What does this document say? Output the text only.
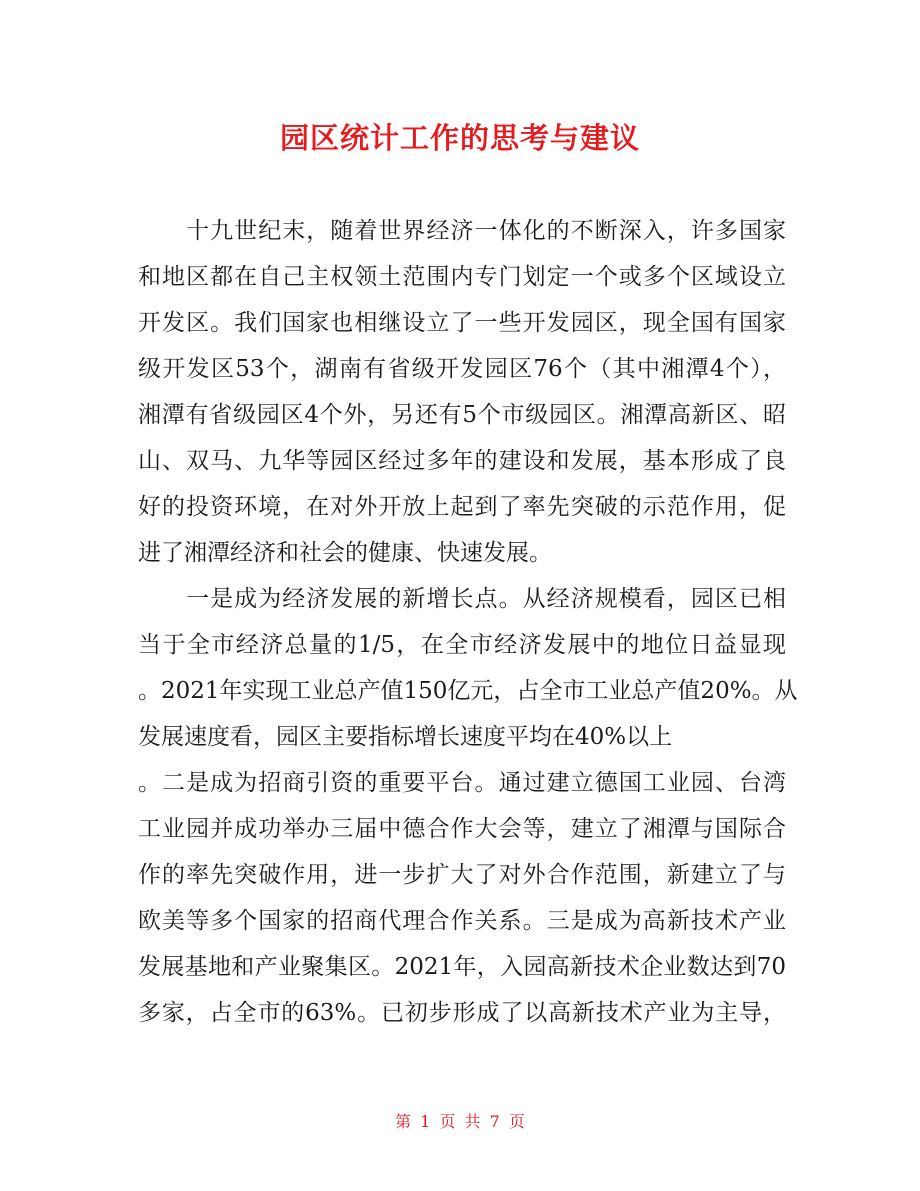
园区统计工作的思考与建议
　　十九世纪末，随着世界经济一体化的不断深入，许多国家
和地区都在自己主权领土范围内专门划定一个或多个区域设立
开发区。我们国家也相继设立了一些开发园区，现全国有国家
级开发区53个，湖南有省级开发园区76个（其中湘潭4个），
湘潭有省级园区4个外，另还有5个市级园区。湘潭高新区、昭
山、双马、九华等园区经过多年的建设和发展，基本形成了良
好的投资环境，在对外开放上起到了率先突破的示范作用，促
进了湘潭经济和社会的健康、快速发展。
　　一是成为经济发展的新增长点。从经济规模看，园区已相
当于全市经济总量的1/5，在全市经济发展中的地位日益显现
。2021年实现工业总产值150亿元，占全市工业总产值20%。从
发展速度看，园区主要指标增长速度平均在40%以上
。二是成为招商引资的重要平台。通过建立德国工业园、台湾
工业园并成功举办三届中德合作大会等，建立了湘潭与国际合
作的率先突破作用，进一步扩大了对外合作范围，新建立了与
欧美等多个国家的招商代理合作关系。三是成为高新技术产业
发展基地和产业聚集区。2021年，入园高新技术企业数达到70
多家，占全市的63%。已初步形成了以高新技术产业为主导，
第 1 页 共 7 页
